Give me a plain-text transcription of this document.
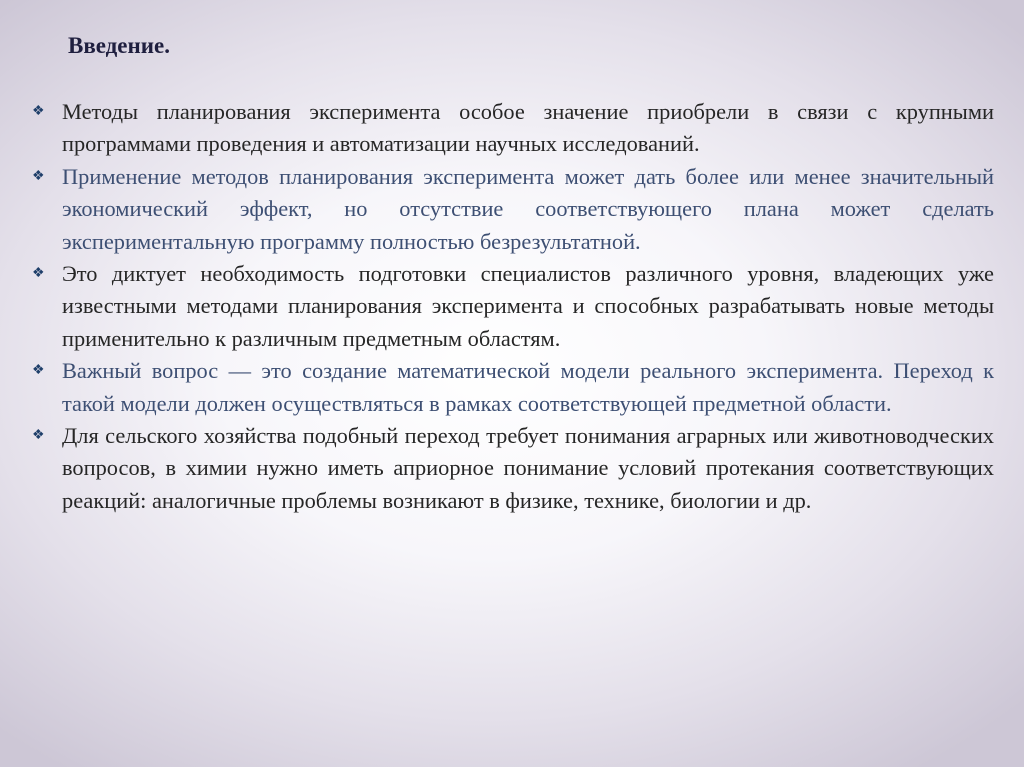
Введение.
❖ Методы планирования эксперимента особое значение приобрели в связи с крупными программами проведения и автоматизации научных исследований.
❖ Применение методов планирования эксперимента может дать более или менее значительный экономический эффект, но отсутствие соответствующего плана может сделать экспериментальную программу полностью безрезультатной.
❖ Это диктует необходимость подготовки специалистов различного уровня, владеющих уже известными методами планирования эксперимента и способных разрабатывать новые методы применительно к различным предметным областям.
❖ Важный вопрос — это создание математической модели реального эксперимента. Переход к такой модели должен осуществляться в рамках соответствующей предметной области.
❖ Для сельского хозяйства подобный переход требует понимания аграрных или животноводческих вопросов, в химии нужно иметь априорное понимание условий протекания соответствующих реакций: аналогичные проблемы возникают в физике, технике, биологии и др.
